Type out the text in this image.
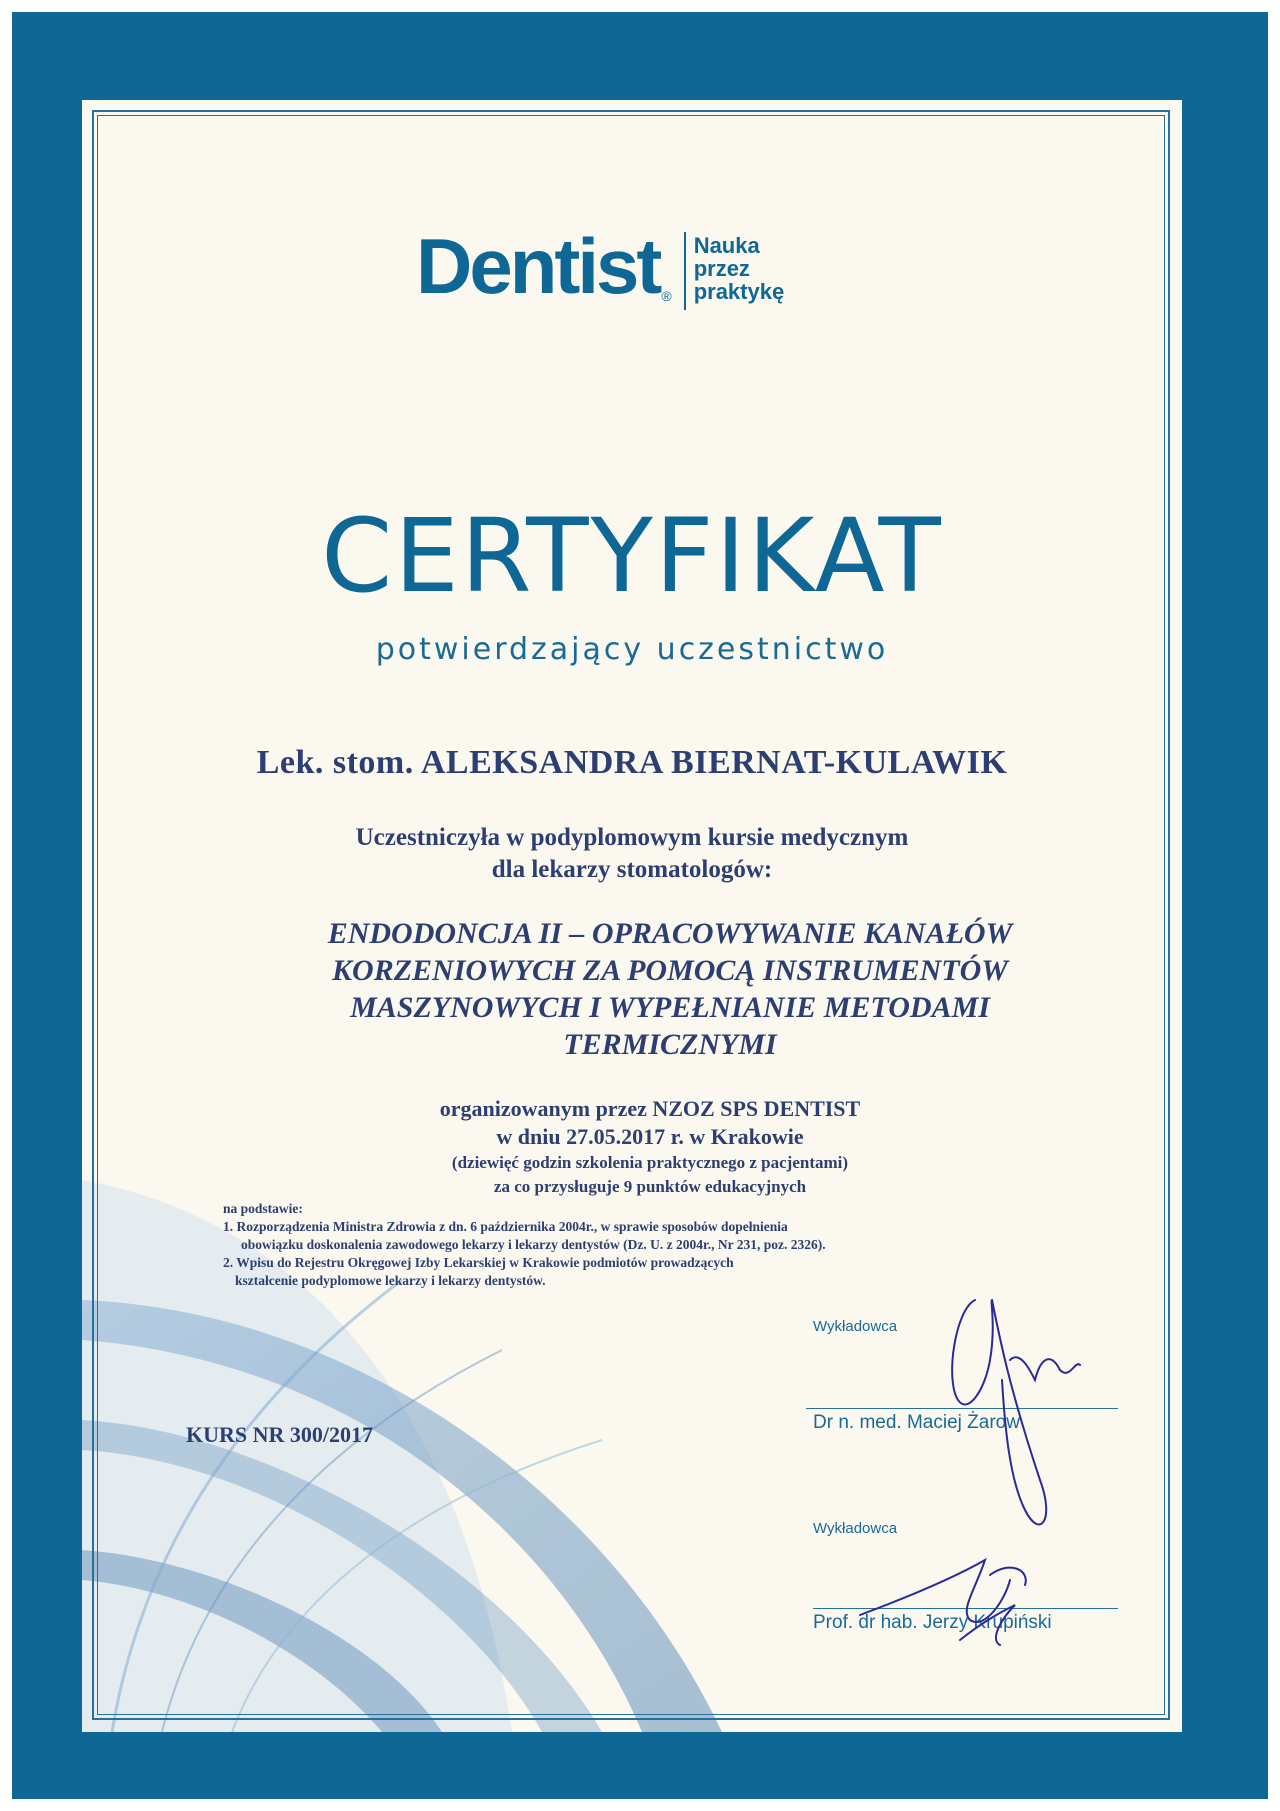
Dentist ®
Nauka
przez
praktykę
CERTYFIKAT
potwierdzający uczestnictwo
Lek. stom. ALEKSANDRA BIERNAT-KULAWIK
Uczestniczyła w podyplomowym kursie medycznym
dla lekarzy stomatologów:
ENDODONCJA II – OPRACOWYWANIE KANAŁÓW
KORZENIOWYCH ZA POMOCĄ INSTRUMENTÓW
MASZYNOWYCH I WYPEŁNIANIE METODAMI
TERMICZNYMI
organizowanym przez NZOZ SPS DENTIST
w dniu 27.05.2017 r. w Krakowie
(dziewięć godzin szkolenia praktycznego z pacjentami)
za co przysługuje 9 punktów edukacyjnych
na podstawie:
1. Rozporządzenia Ministra Zdrowia z dn. 6 października 2004r., w sprawie sposobów dopełnienia
obowiązku doskonalenia zawodowego lekarzy i lekarzy dentystów (Dz. U. z 2004r., Nr 231, poz. 2326).
2. Wpisu do Rejestru Okręgowej Izby Lekarskiej w Krakowie podmiotów prowadzących
kształcenie podyplomowe lekarzy i lekarzy dentystów.
KURS NR 300/2017
Wykładowca
Dr n. med. Maciej Żarow
Wykładowca
Prof. dr hab. Jerzy Krupiński
